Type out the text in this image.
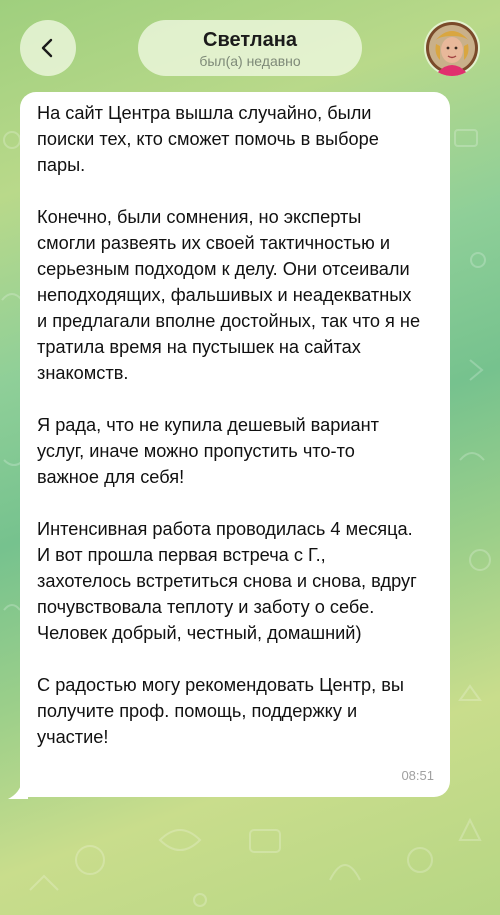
Светлана
был(а) недавно
На сайт Центра вышла случайно, были
поиски тех, кто сможет помочь в выборе
пары.

Конечно, были сомнения, но эксперты
смогли развеять их своей тактичностью и
серьезным подходом к делу. Они отсеивали
неподходящих, фальшивых и неадекватных
и предлагали вполне достойных, так что я не
тратила время на пустышек на сайтах
знакомств.

Я рада, что не купила дешевый вариант
услуг, иначе можно пропустить что-то
важное для себя!

Интенсивная работа проводилась 4 месяца.
И вот прошла первая встреча с Г.,
захотелось встретиться снова и снова, вдруг
почувствовала теплоту и заботу о себе.
Человек добрый, честный, домашний)

С радостью могу рекомендовать Центр, вы
получите проф. помощь, поддержку и
участие!
08:51
